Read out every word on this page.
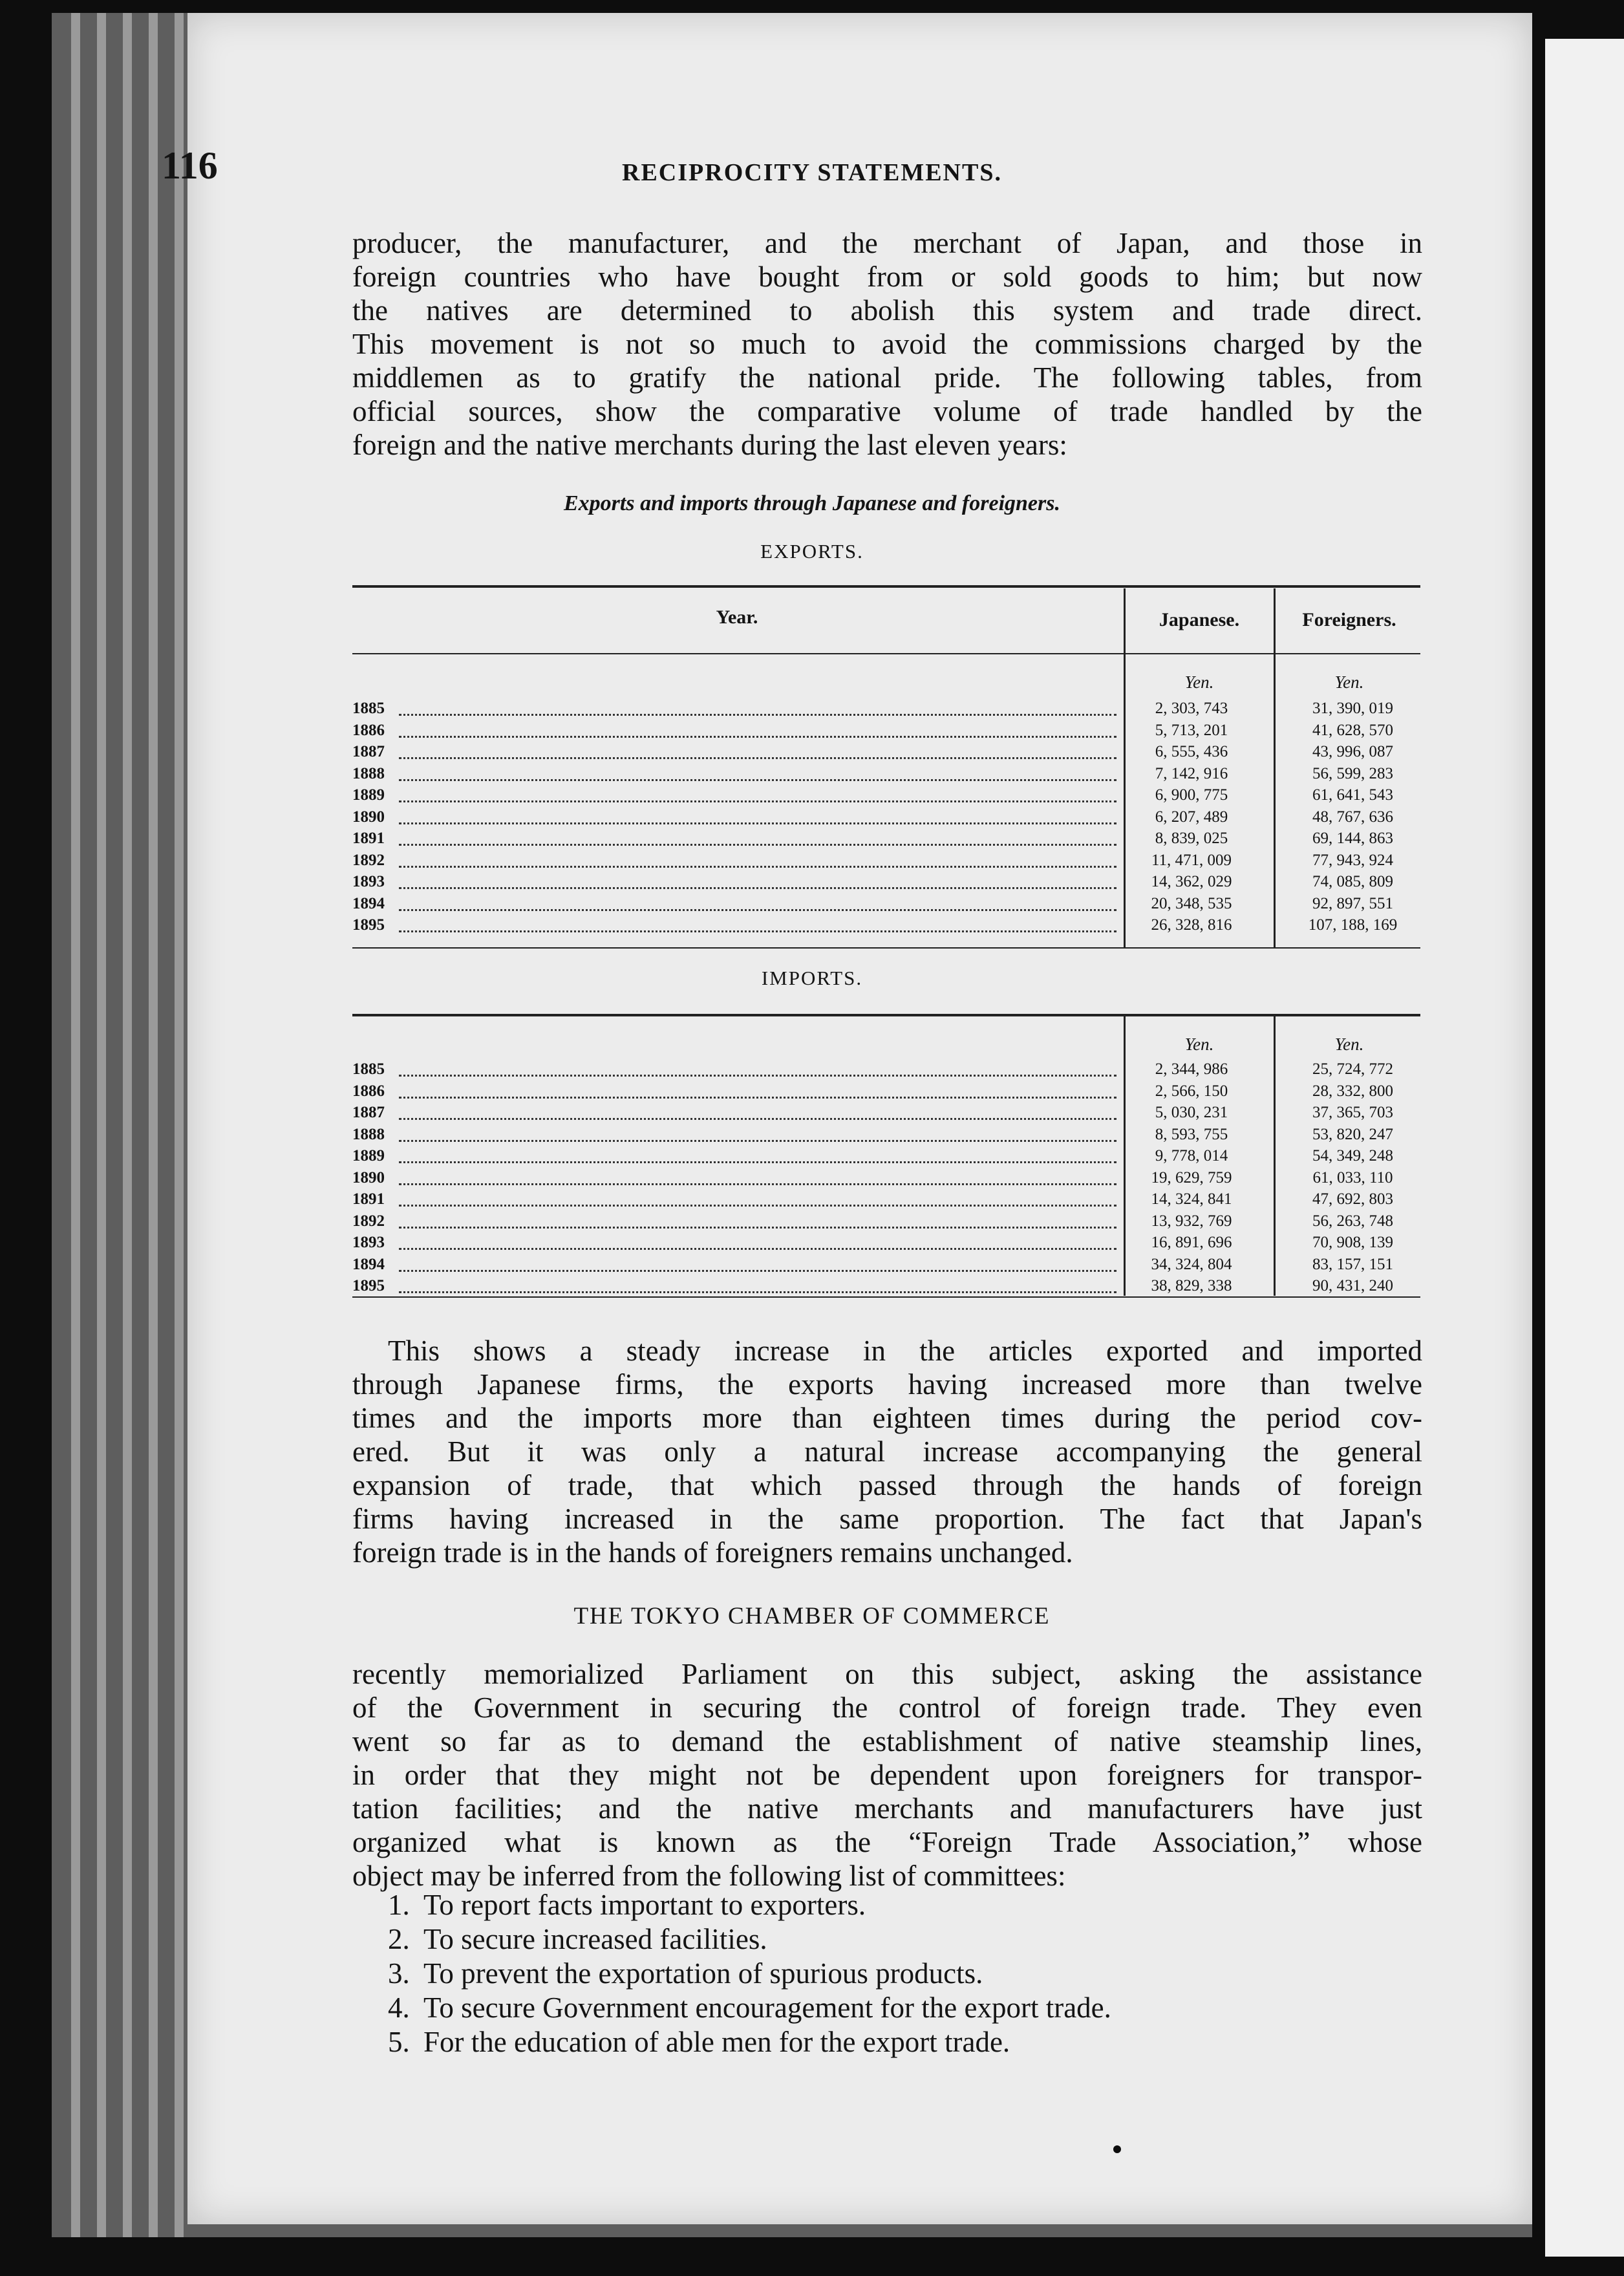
116	RECIPROCITY STATEMENTS.
producer, the manufacturer, and the merchant of Japan, and those in
foreign countries who have bought from or sold goods to him; but now
the natives are determined to abolish this system and trade direct.
This movement is not so much to avoid the commissions charged by the
middlemen as to gratify the national pride. The following tables, from
official sources, show the comparative volume of trade handled by the
foreign and the native merchants during the last eleven years:
Exports and imports through Japanese and foreigners.
EXPORTS.
Year.	Japanese.	Foreigners.
Yen.	Yen.
1885	2, 303, 743	31, 390, 019
1886	5, 713, 201	41, 628, 570
1887	6, 555, 436	43, 996, 087
1888	7, 142, 916	56, 599, 283
1889	6, 900, 775	61, 641, 543
1890	6, 207, 489	48, 767, 636
1891	8, 839, 025	69, 144, 863
1892	11, 471, 009	77, 943, 924
1893	14, 362, 029	74, 085, 809
1894	20, 348, 535	92, 897, 551
1895	26, 328, 816	107, 188, 169
IMPORTS.
Yen.	Yen.
1885	2, 344, 986	25, 724, 772
1886	2, 566, 150	28, 332, 800
1887	5, 030, 231	37, 365, 703
1888	8, 593, 755	53, 820, 247
1889	9, 778, 014	54, 349, 248
1890	19, 629, 759	61, 033, 110
1891	14, 324, 841	47, 692, 803
1892	13, 932, 769	56, 263, 748
1893	16, 891, 696	70, 908, 139
1894	34, 324, 804	83, 157, 151
1895	38, 829, 338	90, 431, 240
This shows a steady increase in the articles exported and imported
through Japanese firms, the exports having increased more than twelve
times and the imports more than eighteen times during the period cov-
ered. But it was only a natural increase accompanying the general
expansion of trade, that which passed through the hands of foreign
firms having increased in the same proportion. The fact that Japan's
foreign trade is in the hands of foreigners remains unchanged.
THE TOKYO CHAMBER OF COMMERCE
recently memorialized Parliament on this subject, asking the assistance
of the Government in securing the control of foreign trade. They even
went so far as to demand the establishment of native steamship lines,
in order that they might not be dependent upon foreigners for transpor-
tation facilities; and the native merchants and manufacturers have just
organized what is known as the “Foreign Trade Association,” whose
object may be inferred from the following list of committees:
1. To report facts important to exporters.
2. To secure increased facilities.
3. To prevent the exportation of spurious products.
4. To secure Government encouragement for the export trade.
5. For the education of able men for the export trade.
